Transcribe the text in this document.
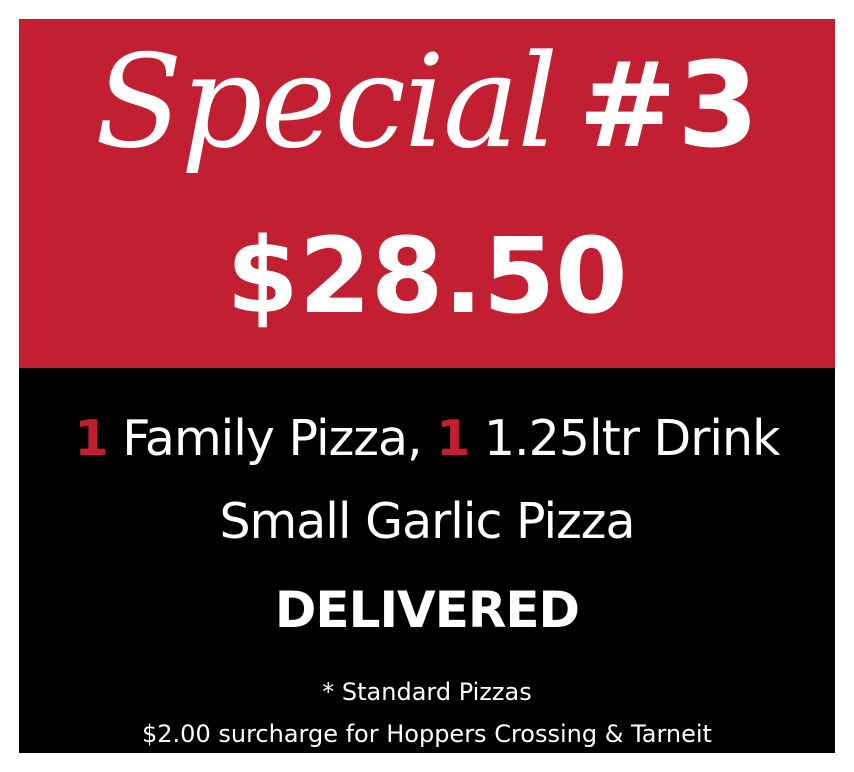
Special #3
$28.50
1 Family Pizza, 1 1.25ltr Drink
Small Garlic Pizza
DELIVERED
* Standard Pizzas
$2.00 surcharge for Hoppers Crossing & Tarneit
